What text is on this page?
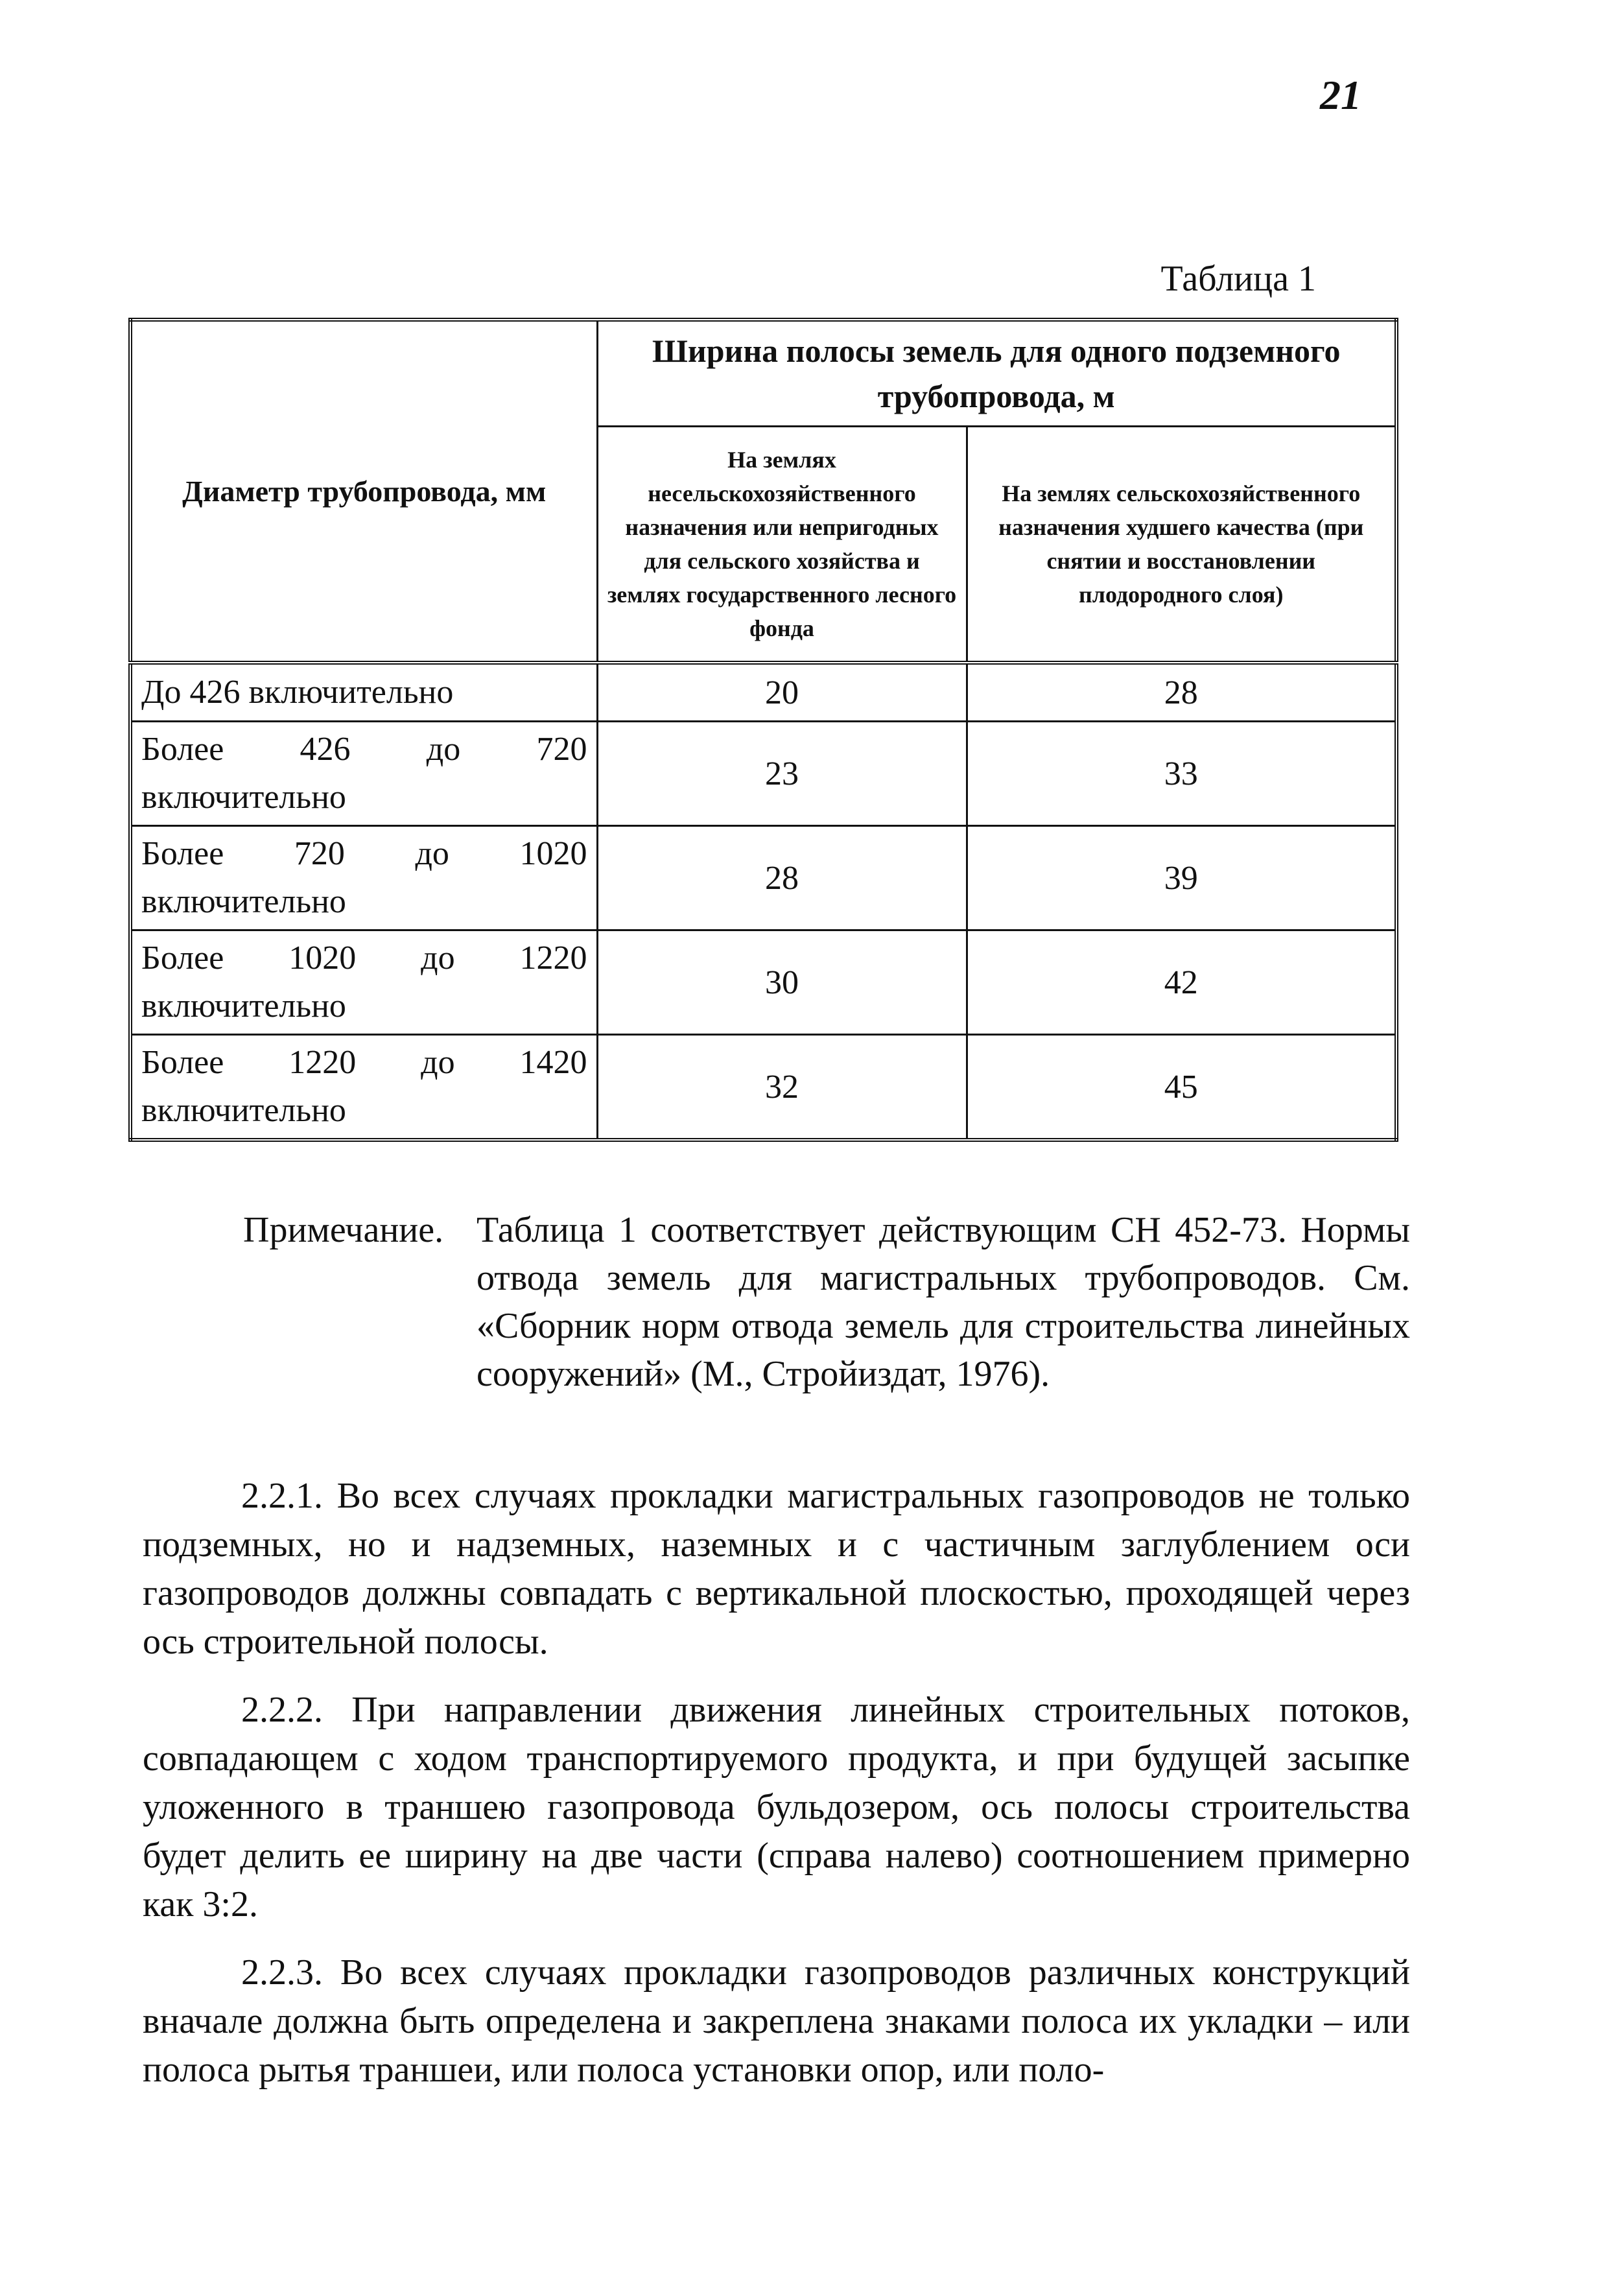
21
Таблица 1
Диаметр трубопровода, мм	Ширина полосы земель для одного подземного трубопровода, м	
	На землях несельскохозяйственного назначения или непригодных для сельского хозяйства и землях государственного лесного фонда	На землях сельскохозяйственного назначения худшего качества (при снятии и восстановлении плодородного слоя)
До 426 включительно	20	28
Более 426 до 720 включительно	23	33
Более 720 до 1020 включительно	28	39
Более 1020 до 1220 включительно	30	42
Более 1220 до 1420 включительно	32	45
Примечание. Таблица 1 соответствует действующим СН 452-73. Нормы отвода земель для магистральных трубопроводов. См. «Сборник норм отвода земель для строительства линейных сооружений» (М., Стройиздат, 1976).
2.2.1. Во всех случаях прокладки магистральных газопроводов не только подземных, но и надземных, наземных и с частичным заглублением оси газопроводов должны совпадать с вертикальной плоскостью, проходящей через ось строительной полосы.
2.2.2. При направлении движения линейных строительных потоков, совпадающем с ходом транспортируемого продукта, и при будущей засыпке уложенного в траншею газопровода бульдозером, ось полосы строительства будет делить ее ширину на две части (справа налево) соотношением примерно как 3:2.
2.2.3. Во всех случаях прокладки газопроводов различных конструкций вначале должна быть определена и закреплена знаками полоса их укладки – или полоса рытья траншеи, или полоса установки опор, или поло-
